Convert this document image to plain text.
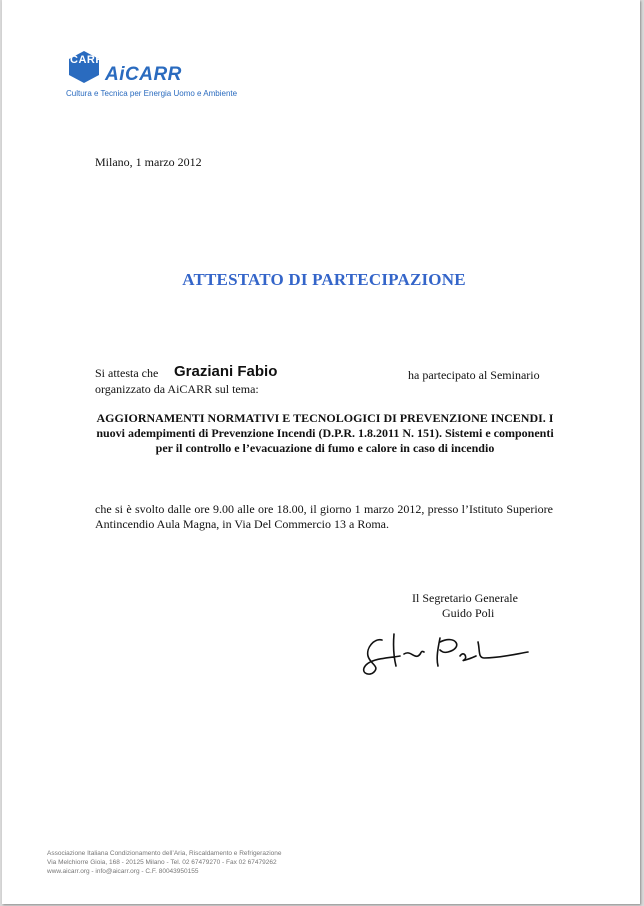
CARR
AiCARR
Cultura e Tecnica per Energia Uomo e Ambiente
Milano, 1 marzo 2012
ATTESTATO DI PARTECIPAZIONE
Si attesta che	Graziani Fabio	ha partecipato al Seminario
organizzato da AiCARR sul tema:
AGGIORNAMENTI NORMATIVI E TECNOLOGICI DI PREVENZIONE INCENDI. I nuovi adempimenti di Prevenzione Incendi (D.P.R. 1.8.2011 N. 151). Sistemi e componenti per il controllo e l’evacuazione di fumo e calore in caso di incendio
che si è svolto dalle ore 9.00 alle ore 18.00, il giorno 1 marzo 2012, presso l’Istituto Superiore Antincendio Aula Magna, in Via Del Commercio 13 a Roma.
Il Segretario Generale
Guido Poli
Associazione Italiana Condizionamento dell’Aria, Riscaldamento e Refrigerazione
Via Melchiorre Gioia, 168 - 20125 Milano - Tel. 02 67479270 - Fax 02 67479262
www.aicarr.org - info@aicarr.org - C.F. 80043950155
